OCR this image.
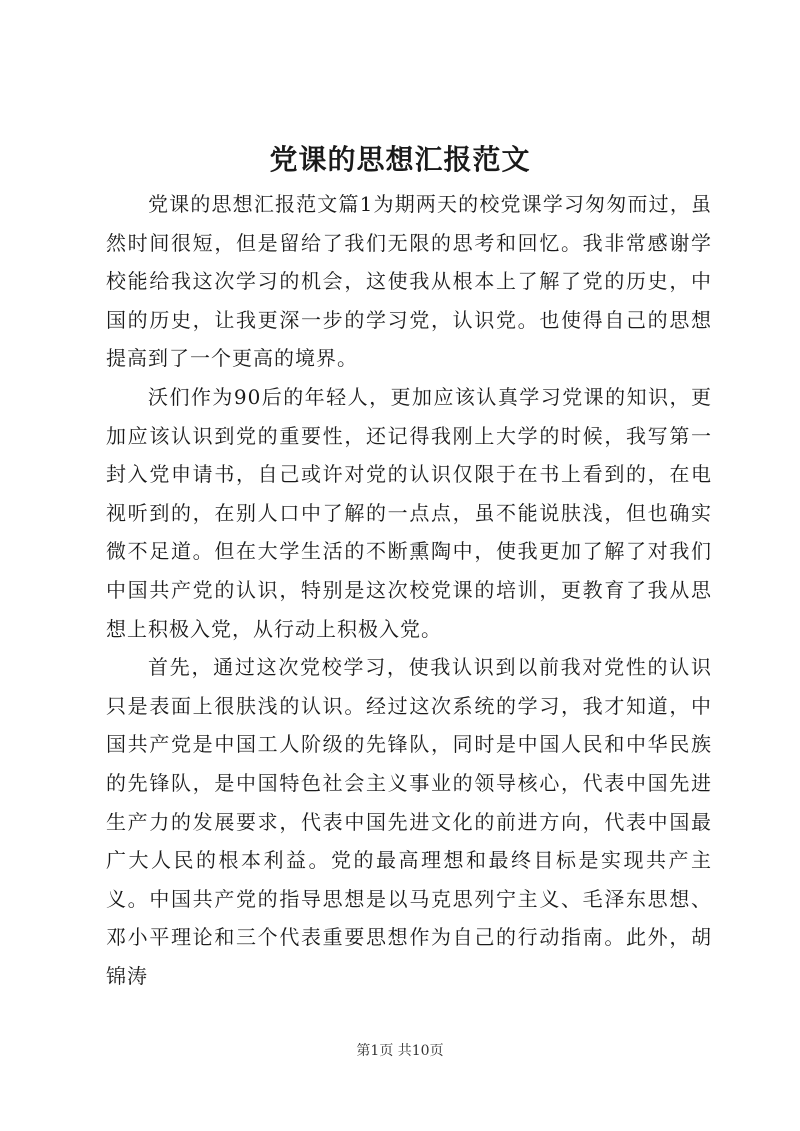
党课的思想汇报范文

党课的思想汇报范文篇1为期两天的校党课学习匆匆而过，虽然时间很短，但是留给了我们无限的思考和回忆。我非常感谢学校能给我这次学习的机会，这使我从根本上了解了党的历史，中国的历史，让我更深一步的学习党，认识党。也使得自己的思想提高到了一个更高的境界。

沃们作为90后的年轻人，更加应该认真学习党课的知识，更加应该认识到党的重要性，还记得我刚上大学的时候，我写第一封入党申请书，自己或许对党的认识仅限于在书上看到的，在电视听到的，在别人口中了解的一点点，虽不能说肤浅，但也确实微不足道。但在大学生活的不断熏陶中，使我更加了解了对我们中国共产党的认识，特别是这次校党课的培训，更教育了我从思想上积极入党，从行动上积极入党。

首先，通过这次党校学习，使我认识到以前我对党性的认识只是表面上很肤浅的认识。经过这次系统的学习，我才知道，中国共产党是中国工人阶级的先锋队，同时是中国人民和中华民族的先锋队，是中国特色社会主义事业的领导核心，代表中国先进生产力的发展要求，代表中国先进文化的前进方向，代表中国最广大人民的根本利益。党的最高理想和最终目标是实现共产主义。中国共产党的指导思想是以马克思列宁主义、毛泽东思想、邓小平理论和三个代表重要思想作为自己的行动指南。此外，胡锦涛

第1页 共10页
